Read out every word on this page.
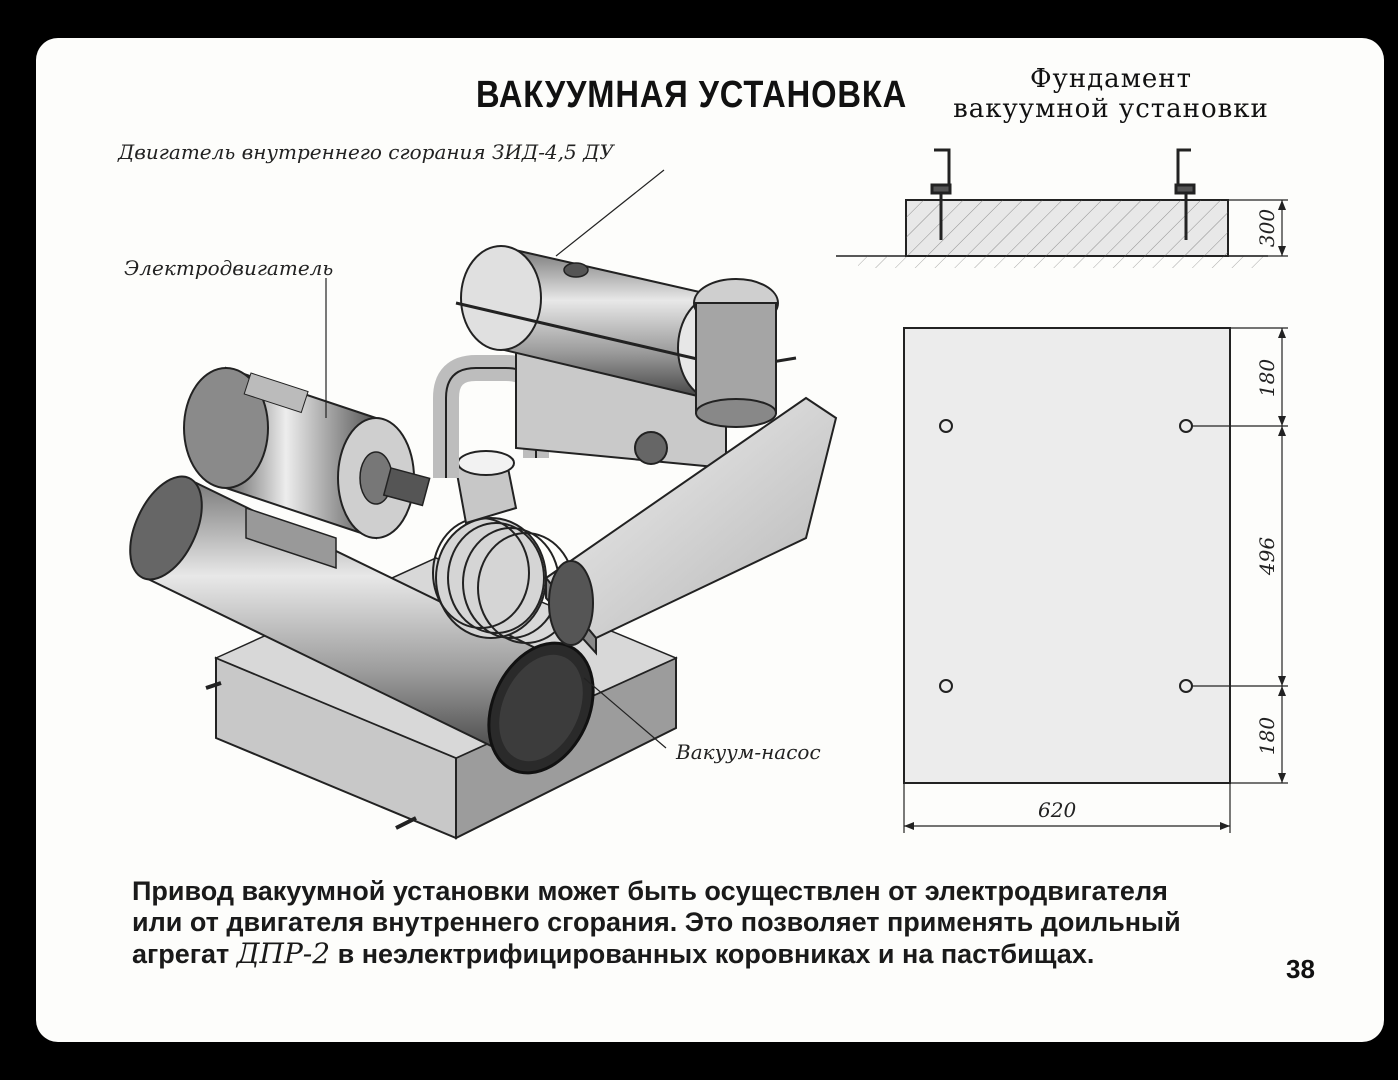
ВАКУУМНАЯ УСТАНОВКА	Фундамент
вакуумной установки
Двигатель внутреннего сгорания ЗИД-4,5 ДУ
Электродвигатель
Вакуум-насос
300
180
496
180
620
Привод вакуумной установки может быть осуществлен от электродвигателя
или от двигателя внутреннего сгорания. Это позволяет применять доильный
агрегат ДПР-2 в неэлектрифицированных коровниках и на пастбищах.	38
